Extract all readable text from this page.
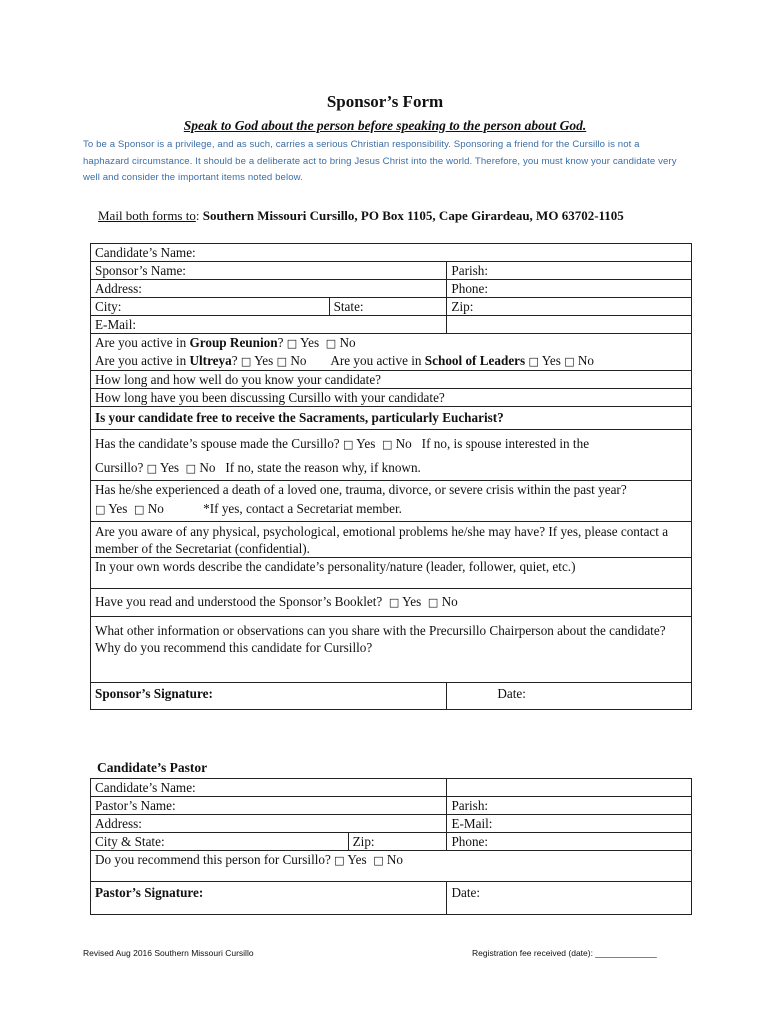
Sponsor’s Form
Speak to God about the person before speaking to the person about God.
To be a Sponsor is a privilege, and as such, carries a serious Christian responsibility. Sponsoring a friend for the Cursillo is not a haphazard circumstance. It should be a deliberate act to bring Jesus Christ into the world. Therefore, you must know your candidate very well and consider the important items noted below.
Mail both forms to: Southern Missouri Cursillo, PO Box 1105, Cape Girardeau, MO 63702-1105
Candidate’s Name:		
Sponsor’s Name:		Parish:
Address:		Phone:
City:	State:	Zip:
E-Mail:		
Are you active in Group Reunion? □ Yes □ No
Are you active in Ultreya? □ Yes □ No Are you active in School of Leaders □ Yes □ No		
How long and how well do you know your candidate?		
How long have you been discussing Cursillo with your candidate?		
Is your candidate free to receive the Sacraments, particularly Eucharist?		
Has the candidate’s spouse made the Cursillo? □ Yes □ No If no, is spouse interested in the
Cursillo? □ Yes □ No If no, state the reason why, if known.		
Has he/she experienced a death of a loved one, trauma, divorce, or severe crisis within the past year?
□ Yes □ No *If yes, contact a Secretariat member.		

Are you aware of any physical, psychological, emotional problems he/she may have? If yes, please contact a member of the Secretariat (confidential).		
In your own words describe the candidate’s personality/nature (leader, follower, quiet, etc.)		
Have you read and understood the Sponsor’s Booklet? □ Yes □ No		
What other information or observations can you share with the Precursillo Chairperson about the candidate? Why do you recommend this candidate for Cursillo?		
Sponsor’s Signature:		Date:
Candidate’s Pastor
Candidate’s Name:		
Pastor’s Name:		Parish:
Address:		E-Mail:
City & State:	Zip:	Phone:
Do you recommend this person for Cursillo? □ Yes □ No		
Pastor’s Signature:		Date:
Revised Aug 2016 Southern Missouri Cursillo	Registration fee received (date): _____________
